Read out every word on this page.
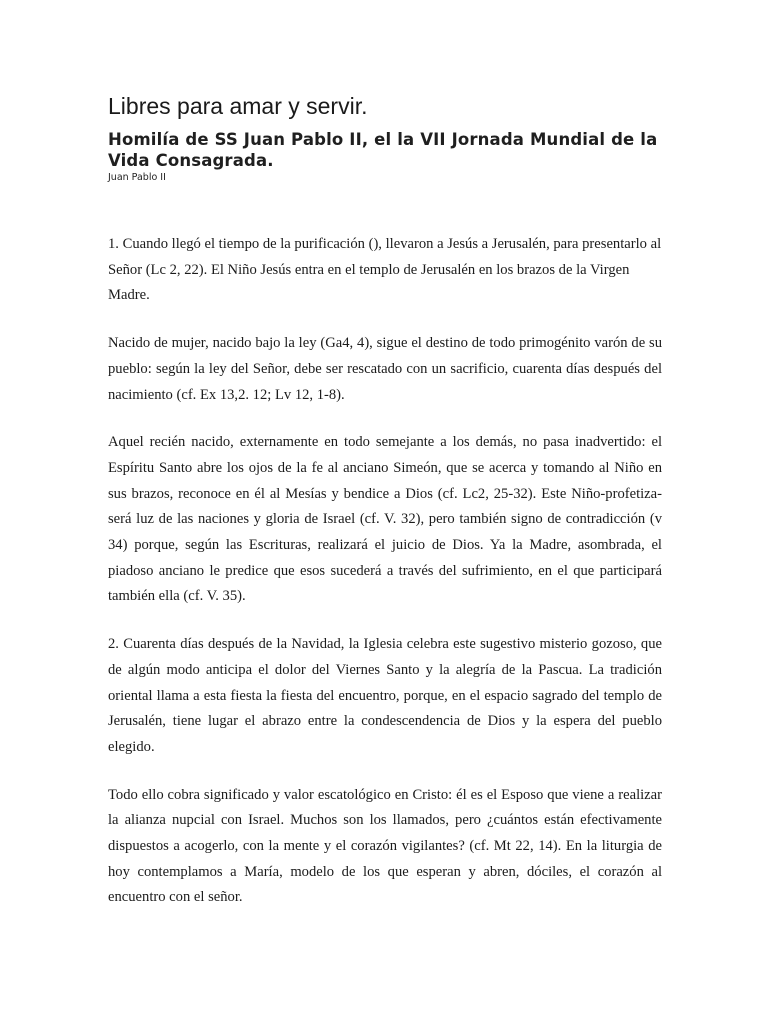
Libres para amar y servir.
Homilía de SS Juan Pablo II, el la VII Jornada Mundial de la Vida Consagrada.
Juan Pablo II

1. Cuando llegó el tiempo de la purificación (), llevaron a Jesús a Jerusalén, para presentarlo al Señor (Lc 2, 22). El Niño Jesús entra en el templo de Jerusalén en los brazos de la Virgen Madre.

Nacido de mujer, nacido bajo la ley (Ga4, 4), sigue el destino de todo primogénito varón de su pueblo: según la ley del Señor, debe ser rescatado con un sacrificio, cuarenta días después del nacimiento (cf. Ex 13,2. 12; Lv 12, 1-8).

Aquel recién nacido, externamente en todo semejante a los demás, no pasa inadvertido: el Espíritu Santo abre los ojos de la fe al anciano Simeón, que se acerca y tomando al Niño en sus brazos, reconoce en él al Mesías y bendice a Dios (cf. Lc2, 25-32). Este Niño-profetiza- será luz de las naciones y gloria de Israel (cf. V. 32), pero también signo de contradicción (v 34) porque, según las Escrituras, realizará el juicio de Dios. Ya la Madre, asombrada, el piadoso anciano le predice que esos sucederá a través del sufrimiento, en el que participará también ella (cf. V. 35).

2. Cuarenta días después de la Navidad, la Iglesia celebra este sugestivo misterio gozoso, que de algún modo anticipa el dolor del Viernes Santo y la alegría de la Pascua. La tradición oriental llama a esta fiesta la fiesta del encuentro, porque, en el espacio sagrado del templo de Jerusalén, tiene lugar el abrazo entre la condescendencia de Dios y la espera del pueblo elegido.

Todo ello cobra significado y valor escatológico en Cristo: él es el Esposo que viene a realizar la alianza nupcial con Israel. Muchos son los llamados, pero ¿cuántos están efectivamente dispuestos a acogerlo, con la mente y el corazón vigilantes? (cf. Mt 22, 14). En la liturgia de hoy contemplamos a María, modelo de los que esperan y abren, dóciles, el corazón al encuentro con el señor.
